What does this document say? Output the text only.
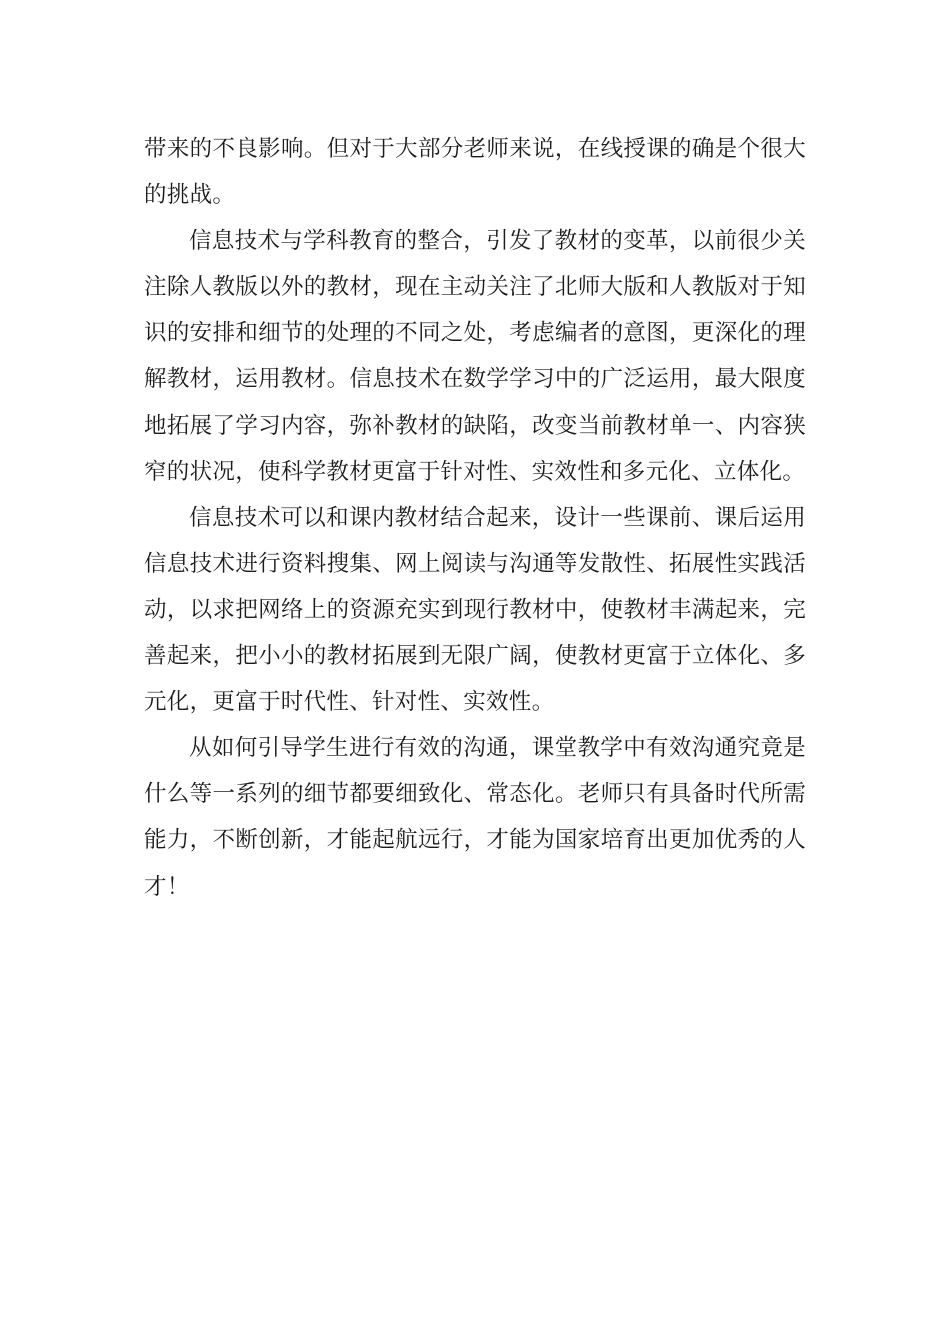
带来的不良影响。但对于大部分老师来说，在线授课的确是个很大的挑战。

信息技术与学科教育的整合，引发了教材的变革，以前很少关注除人教版以外的教材，现在主动关注了北师大版和人教版对于知识的安排和细节的处理的不同之处，考虑编者的意图，更深化的理解教材，运用教材。信息技术在数学学习中的广泛运用，最大限度地拓展了学习内容，弥补教材的缺陷，改变当前教材单一、内容狭窄的状况，使科学教材更富于针对性、实效性和多元化、立体化。

信息技术可以和课内教材结合起来，设计一些课前、课后运用信息技术进行资料搜集、网上阅读与沟通等发散性、拓展性实践活动，以求把网络上的资源充实到现行教材中，使教材丰满起来，完善起来，把小小的教材拓展到无限广阔，使教材更富于立体化、多元化，更富于时代性、针对性、实效性。

从如何引导学生进行有效的沟通，课堂教学中有效沟通究竟是什么等一系列的细节都要细致化、常态化。老师只有具备时代所需能力，不断创新，才能起航远行，才能为国家培育出更加优秀的人才！
